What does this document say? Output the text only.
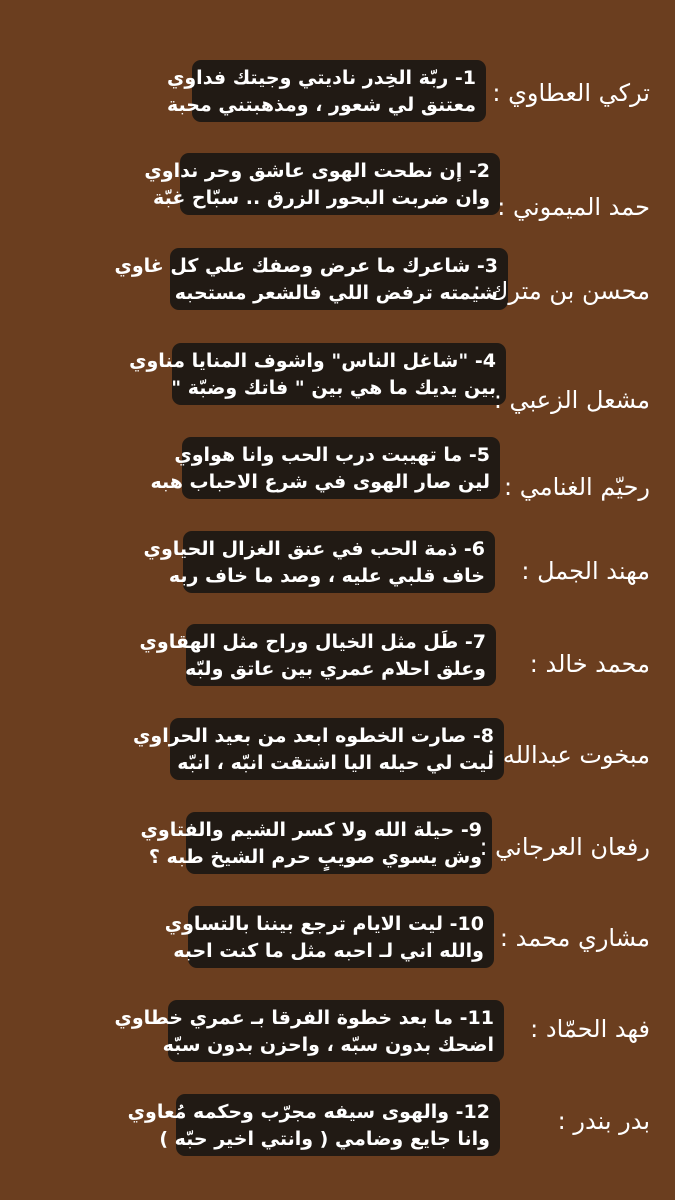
1- ربّة الخِدر ناديتي وجيتك فداوي
معتنق لي شعور ، ومذهبتني محبة تركي العطاوي :
2- إن نطحت الهوى عاشق وحر نداوي
وان ضربت البحور الزرق .. سبّاح غبّة حمد الميموني :
3- شاعرك ما عرض وصفك علي كل غاوي
شيمته ترفض اللي فالشعر مستحبه
محسن بن مترك :
4- "شاغل الناس" واشوف المنايا مناوي
بين يديك ما هي بين " فاتك وضبّة "
مشعل الزعبي :
5- ما تهيبت درب الحب وانا هواوي
لين صار الهوى في شرع الاحباب هبه رحيّم الغنامي :
6- ذمة الحب في عنق الغزال الحياوي
خاف قلبي عليه ، وصد ما خاف ربه مهند الجمل :
7- طَل مثل الخيال وراح مثل الهقاوي
وعلق احلام عمري بين عاتق ولبّه محمد خالد :
8- صارت الخطوه ابعد من بعيد الحراوي
ليت لي حيله اليا اشتقت انبّه ، انبّه
مبخوت عبدالله :
9- حيلة الله ولا كسر الشيم والفتاوي
وش يسوي صويبٍ حرم الشيخ طبه ؟
رفعان العرجاني :
10- ليت الايام ترجع بيننا بالتساوي
والله اني لـ احبه مثل ما كنت احبه مشاري محمد :
11- ما بعد خطوة الفرقا بـ عمري خطاوي
اضحك بدون سبّه ، واحزن بدون سبّه
فهد الحمّاد :
12- والهوى سيفه مجرّب وحكمه مُعاوي
وانا جايع وضامي ( وانتي اخير حبّه )
بدر بندر :
